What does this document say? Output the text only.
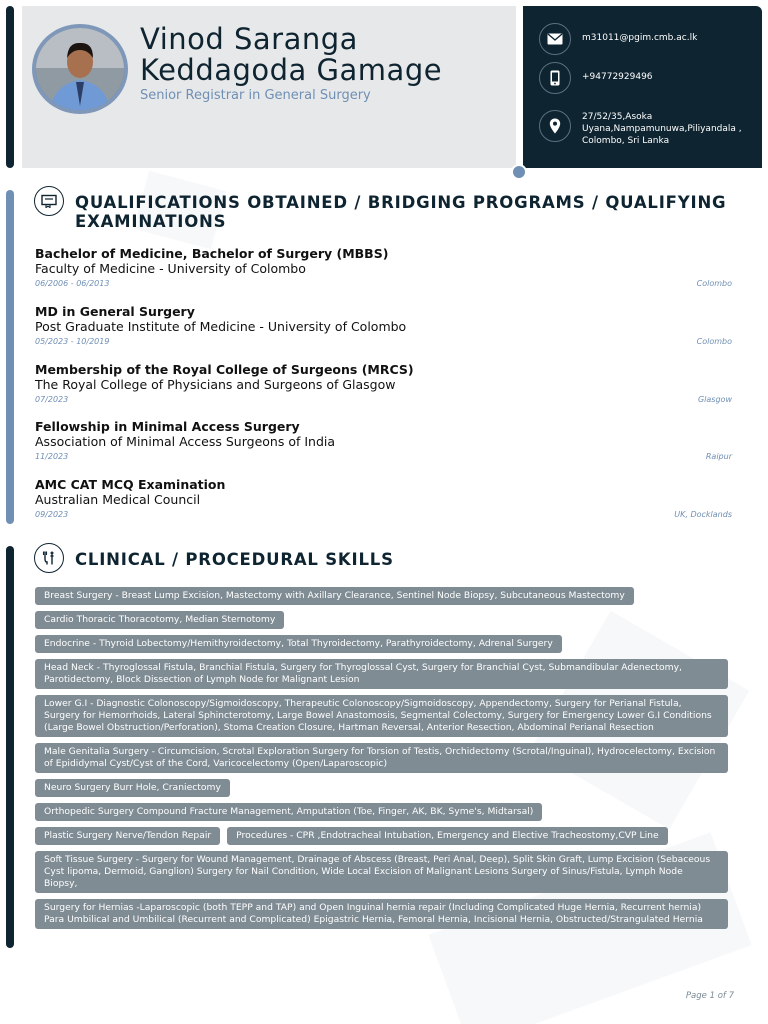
Vinod Saranga
Keddagoda Gamage
Senior Registrar in General Surgery
m31011@pgim.cmb.ac.lk
+94772929496
27/52/35,Asoka Uyana,Nampamunuwa,Piliyandala , Colombo, Sri Lanka
QUALIFICATIONS OBTAINED / BRIDGING PROGRAMS / QUALIFYING EXAMINATIONS
Bachelor of Medicine, Bachelor of Surgery (MBBS)
Faculty of Medicine - University of Colombo
06/2006 - 06/2013	Colombo
MD in General Surgery
Post Graduate Institute of Medicine - University of Colombo
05/2023 - 10/2019	Colombo
Membership of the Royal College of Surgeons (MRCS)
The Royal College of Physicians and Surgeons of Glasgow
07/2023	Glasgow
Fellowship in Minimal Access Surgery
Association of Minimal Access Surgeons of India
11/2023	Raipur
AMC CAT MCQ Examination
Australian Medical Council
09/2023	UK, Docklands
CLINICAL / PROCEDURAL SKILLS
Breast Surgery - Breast Lump Excision, Mastectomy with Axillary Clearance, Sentinel Node Biopsy, Subcutaneous Mastectomy
Cardio Thoracic Thoracotomy, Median Sternotomy
Endocrine - Thyroid Lobectomy/Hemithyroidectomy, Total Thyroidectomy, Parathyroidectomy, Adrenal Surgery
Head Neck - Thyroglossal Fistula, Branchial Fistula, Surgery for Thyroglossal Cyst, Surgery for Branchial Cyst, Submandibular Adenectomy, Parotidectomy, Block Dissection of Lymph Node for Malignant Lesion
Lower G.I - Diagnostic Colonoscopy/Sigmoidoscopy, Therapeutic Colonoscopy/Sigmoidoscopy, Appendectomy, Surgery for Perianal Fistula, Surgery for Hemorrhoids, Lateral Sphincterotomy, Large Bowel Anastomosis, Segmental Colectomy, Surgery for Emergency Lower G.I Conditions (Large Bowel Obstruction/Perforation), Stoma Creation Closure, Hartman Reversal, Anterior Resection, Abdominal Perianal Resection
Male Genitalia Surgery - Circumcision, Scrotal Exploration Surgery for Torsion of Testis, Orchidectomy (Scrotal/Inguinal), Hydrocelectomy, Excision of Epididymal Cyst/Cyst of the Cord, Varicocelectomy (Open/Laparoscopic)
Neuro Surgery Burr Hole, Craniectomy
Orthopedic Surgery Compound Fracture Management, Amputation (Toe, Finger, AK, BK, Syme's, Midtarsal)
Plastic Surgery Nerve/Tendon Repair	Procedures - CPR ,Endotracheal Intubation, Emergency and Elective Tracheostomy,CVP Line
Soft Tissue Surgery - Surgery for Wound Management, Drainage of Abscess (Breast, Peri Anal, Deep), Split Skin Graft, Lump Excision (Sebaceous Cyst lipoma, Dermoid, Ganglion) Surgery for Nail Condition, Wide Local Excision of Malignant Lesions Surgery of Sinus/Fistula, Lymph Node Biopsy,
Surgery for Hernias -Laparoscopic (both TEPP and TAP) and Open Inguinal hernia repair (Including Complicated Huge Hernia, Recurrent hernia) Para Umbilical and Umbilical (Recurrent and Complicated) Epigastric Hernia, Femoral Hernia, Incisional Hernia, Obstructed/Strangulated Hernia
Page 1 of 7
